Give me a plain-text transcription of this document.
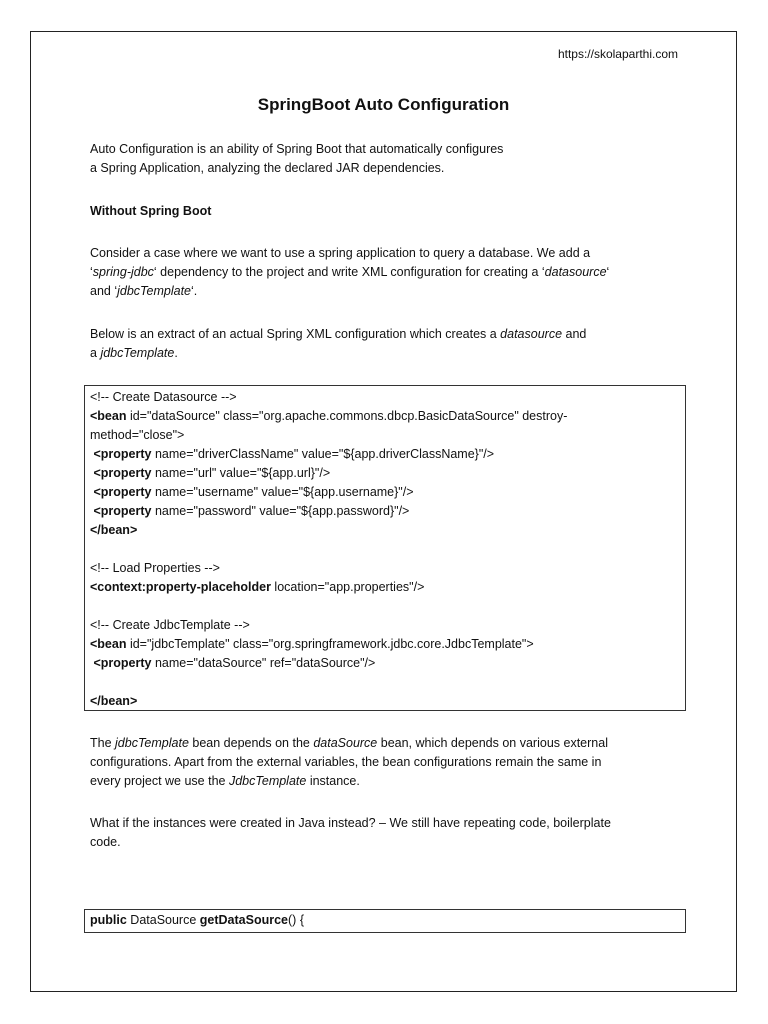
https://skolaparthi.com
SpringBoot Auto Configuration
Auto Configuration is an ability of Spring Boot that automatically configures
a Spring Application, analyzing the declared JAR dependencies.
Without Spring Boot
Consider a case where we want to use a spring application to query a database. We add a
‘spring-jdbc‘ dependency to the project and write XML configuration for creating a ‘datasource‘
and ‘jdbcTemplate‘.
Below is an extract of an actual Spring XML configuration which creates a datasource and
a jdbcTemplate.
<!-- Create Datasource -->
<bean id="dataSource" class="org.apache.commons.dbcp.BasicDataSource" destroy-
method="close">
<property name="driverClassName" value="${app.driverClassName}"/>
<property name="url" value="${app.url}"/>
<property name="username" value="${app.username}"/>
<property name="password" value="${app.password}"/>
</bean>
<!-- Load Properties -->
<context:property-placeholder location="app.properties"/>
<!-- Create JdbcTemplate -->
<bean id="jdbcTemplate" class="org.springframework.jdbc.core.JdbcTemplate">
<property name="dataSource" ref="dataSource"/>
</bean>
The jdbcTemplate bean depends on the dataSource bean, which depends on various external
configurations. Apart from the external variables, the bean configurations remain the same in
every project we use the JdbcTemplate instance.
What if the instances were created in Java instead? – We still have repeating code, boilerplate
code.
public DataSource getDataSource() {
